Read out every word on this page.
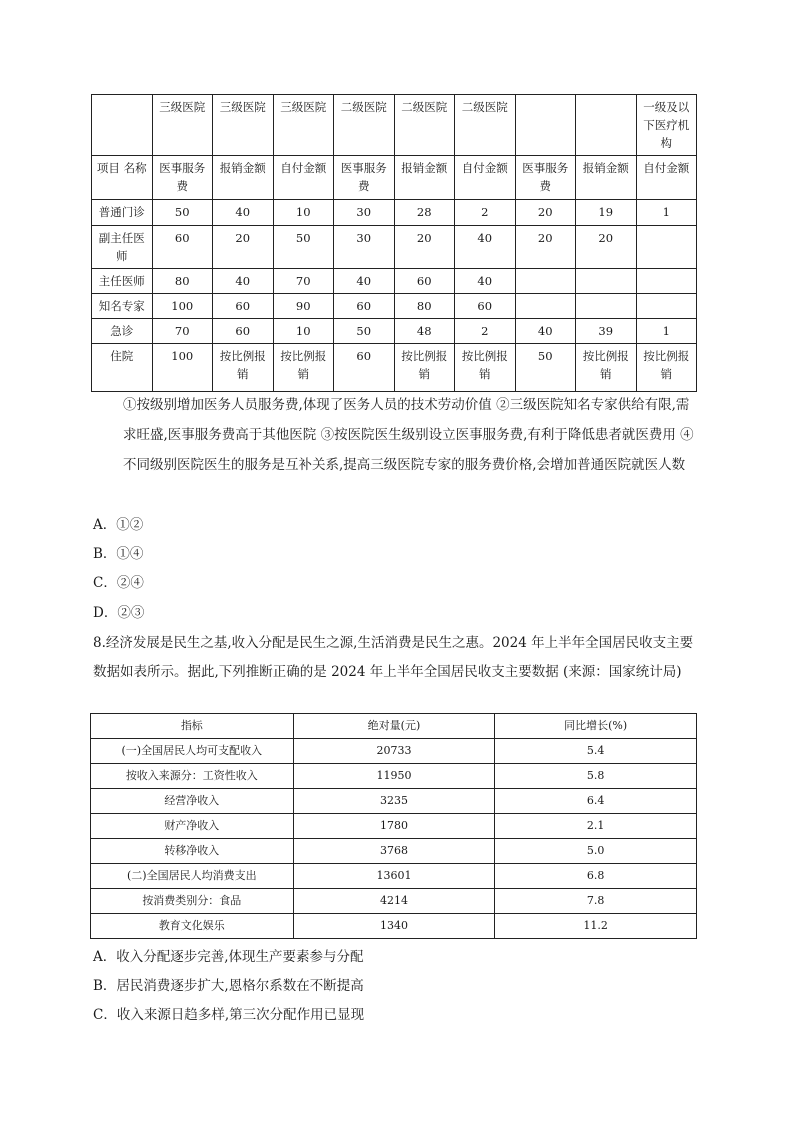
	三级医院	三级医院	三级医院	二级医院	二级医院	二级医院			一级及以下医疗机构
项目 名称	医事服务费	报销金额	自付金额	医事服务费	报销金额	自付金额	医事服务费	报销金额	自付金额
普通门诊	50	40	10	30	28	2	20	19	1
副主任医师	60	20	50	30	20	40	20	20	
主任医师	80	40	70	40	60	40			
知名专家	100	60	90	60	80	60			
急诊	70	60	10	50	48	2	40	39	1
住院	100	按比例报销	按比例报销	60	按比例报销	按比例报销	50	按比例报销	按比例报销
①按级别增加医务人员服务费,体现了医务人员的技术劳动价值 ②三级医院知名专家供给有限,需求旺盛,医事服务费高于其他医院 ③按医院医生级别设立医事服务费,有利于降低患者就医费用 ④不同级别医院医生的服务是互补关系,提高三级医院专家的服务费价格,会增加普通医院就医人数
A．①②
B．①④
C．②④
D．②③
8.经济发展是民生之基,收入分配是民生之源,生活消费是民生之惠。2024 年上半年全国居民收支主要数据如表所示。据此,下列推断正确的是 2024 年上半年全国居民收支主要数据 (来源：国家统计局)
指标	绝对量(元)	同比增长(%)
(一)全国居民人均可支配收入	20733	5.4
按收入来源分：工资性收入	11950	5.8
经营净收入	3235	6.4
财产净收入	1780	2.1
转移净收入	3768	5.0
(二)全国居民人均消费支出	13601	6.8
按消费类别分：食品	4214	7.8
教育文化娱乐	1340	11.2
A．收入分配逐步完善,体现生产要素参与分配
B．居民消费逐步扩大,恩格尔系数在不断提高
C．收入来源日趋多样,第三次分配作用已显现
